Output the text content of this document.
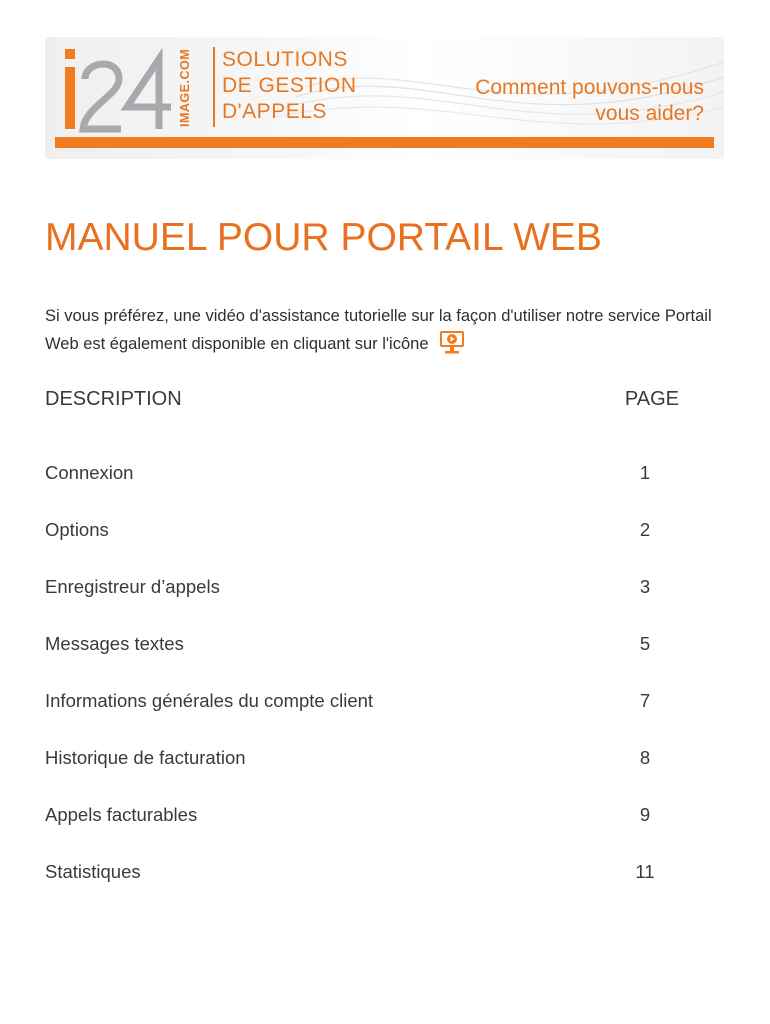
IMAGE.COM SOLUTIONS
DE GESTION
D'APPELS
Comment pouvons-nous
vous aider?
MANUEL POUR PORTAIL WEB
Si vous préférez, une vidéo d'assistance tutorielle sur la façon d'utiliser notre service Portail Web est également disponible en cliquant sur l'icône
DESCRIPTION	PAGE
Connexion	1
Options	2
Enregistreur d’appels	3
Messages textes	5
Informations générales du compte client	7
Historique de facturation	8
Appels facturables	9
Statistiques	11
